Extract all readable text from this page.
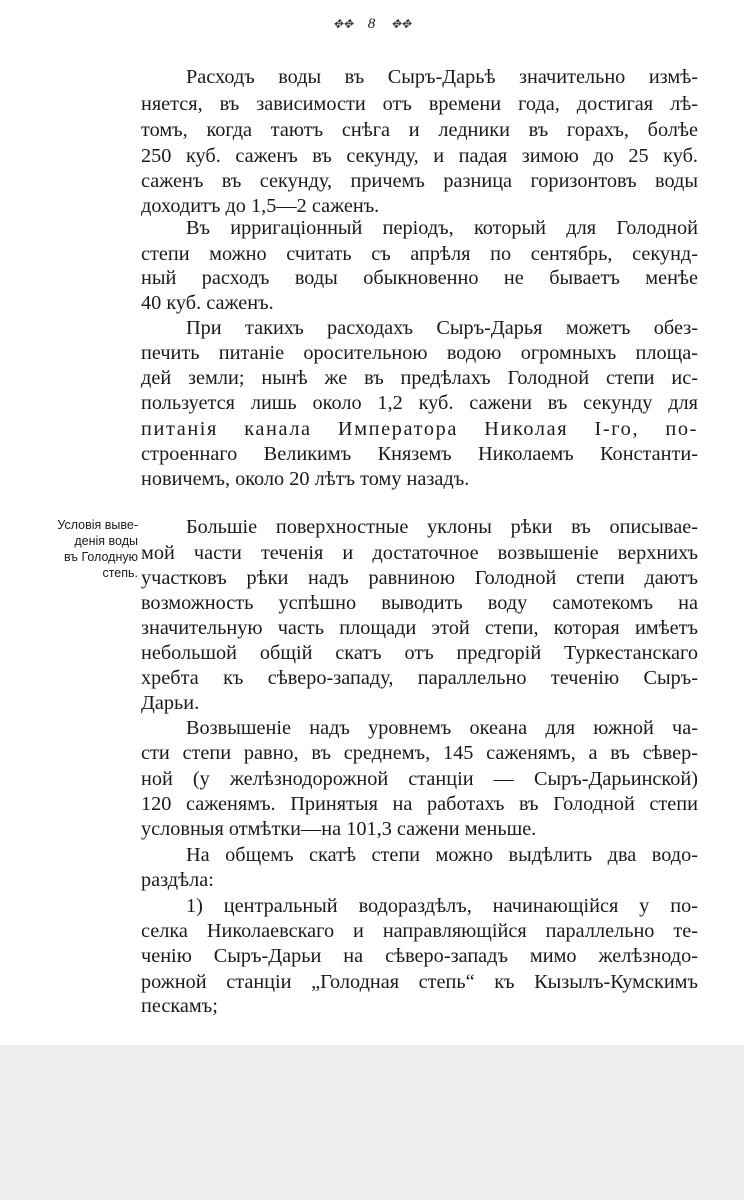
✥✥ 8 ✥✥
Условія выве-
денія воды
въ Голодную
степь.
Расходъ воды въ Сыръ-Дарьѣ значительно измѣ-
няется, въ зависимости отъ времени года, достигая лѣ-
томъ, когда таютъ снѣга и ледники въ горахъ, болѣе
250 куб. саженъ въ секунду, и падая зимою до 25 куб.
саженъ въ секунду, причемъ разница горизонтовъ воды
доходитъ до 1,5—2 саженъ.
Въ ирригаціонный періодъ, который для Голодной
степи можно считать съ апрѣля по сентябрь, секунд-
ный расходъ воды обыкновенно не бываетъ менѣе
40 куб. саженъ.
При такихъ расходахъ Сыръ-Дарья можетъ обез-
печить питаніе оросительною водою огромныхъ площа-
дей земли; нынѣ же въ предѣлахъ Голодной степи ис-
пользуется лишь около 1,2 куб. сажени въ секунду для
питанія канала Императора Николая I-го, по-
строеннаго Великимъ Княземъ Николаемъ Константи-
новичемъ, около 20 лѣтъ тому назадъ.
Большіе поверхностные уклоны рѣки въ описывае-
мой части теченія и достаточное возвышеніе верхнихъ
участковъ рѣки надъ равниною Голодной степи даютъ
возможность успѣшно выводить воду самотекомъ на
значительную часть площади этой степи, которая имѣетъ
небольшой общій скатъ отъ предгорій Туркестанскаго
хребта къ сѣверо-западу, параллельно теченію Сыръ-
Дарьи.
Возвышеніе надъ уровнемъ океана для южной ча-
сти степи равно, въ среднемъ, 145 саженямъ, а въ сѣвер-
ной (у желѣзнодорожной станціи — Сыръ-Дарьинской)
120 саженямъ. Принятыя на работахъ въ Голодной степи
условныя отмѣтки—на 101,3 сажени меньше.
На общемъ скатѣ степи можно выдѣлить два водо-
раздѣла:
1) центральный водораздѣлъ, начинающійся у по-
селка Николаевскаго и направляющійся параллельно те-
ченію Сыръ-Дарьи на сѣверо-западъ мимо желѣзнодо-
рожной станціи „Голодная степь“ къ Кызылъ-Кумскимъ
пескамъ;
